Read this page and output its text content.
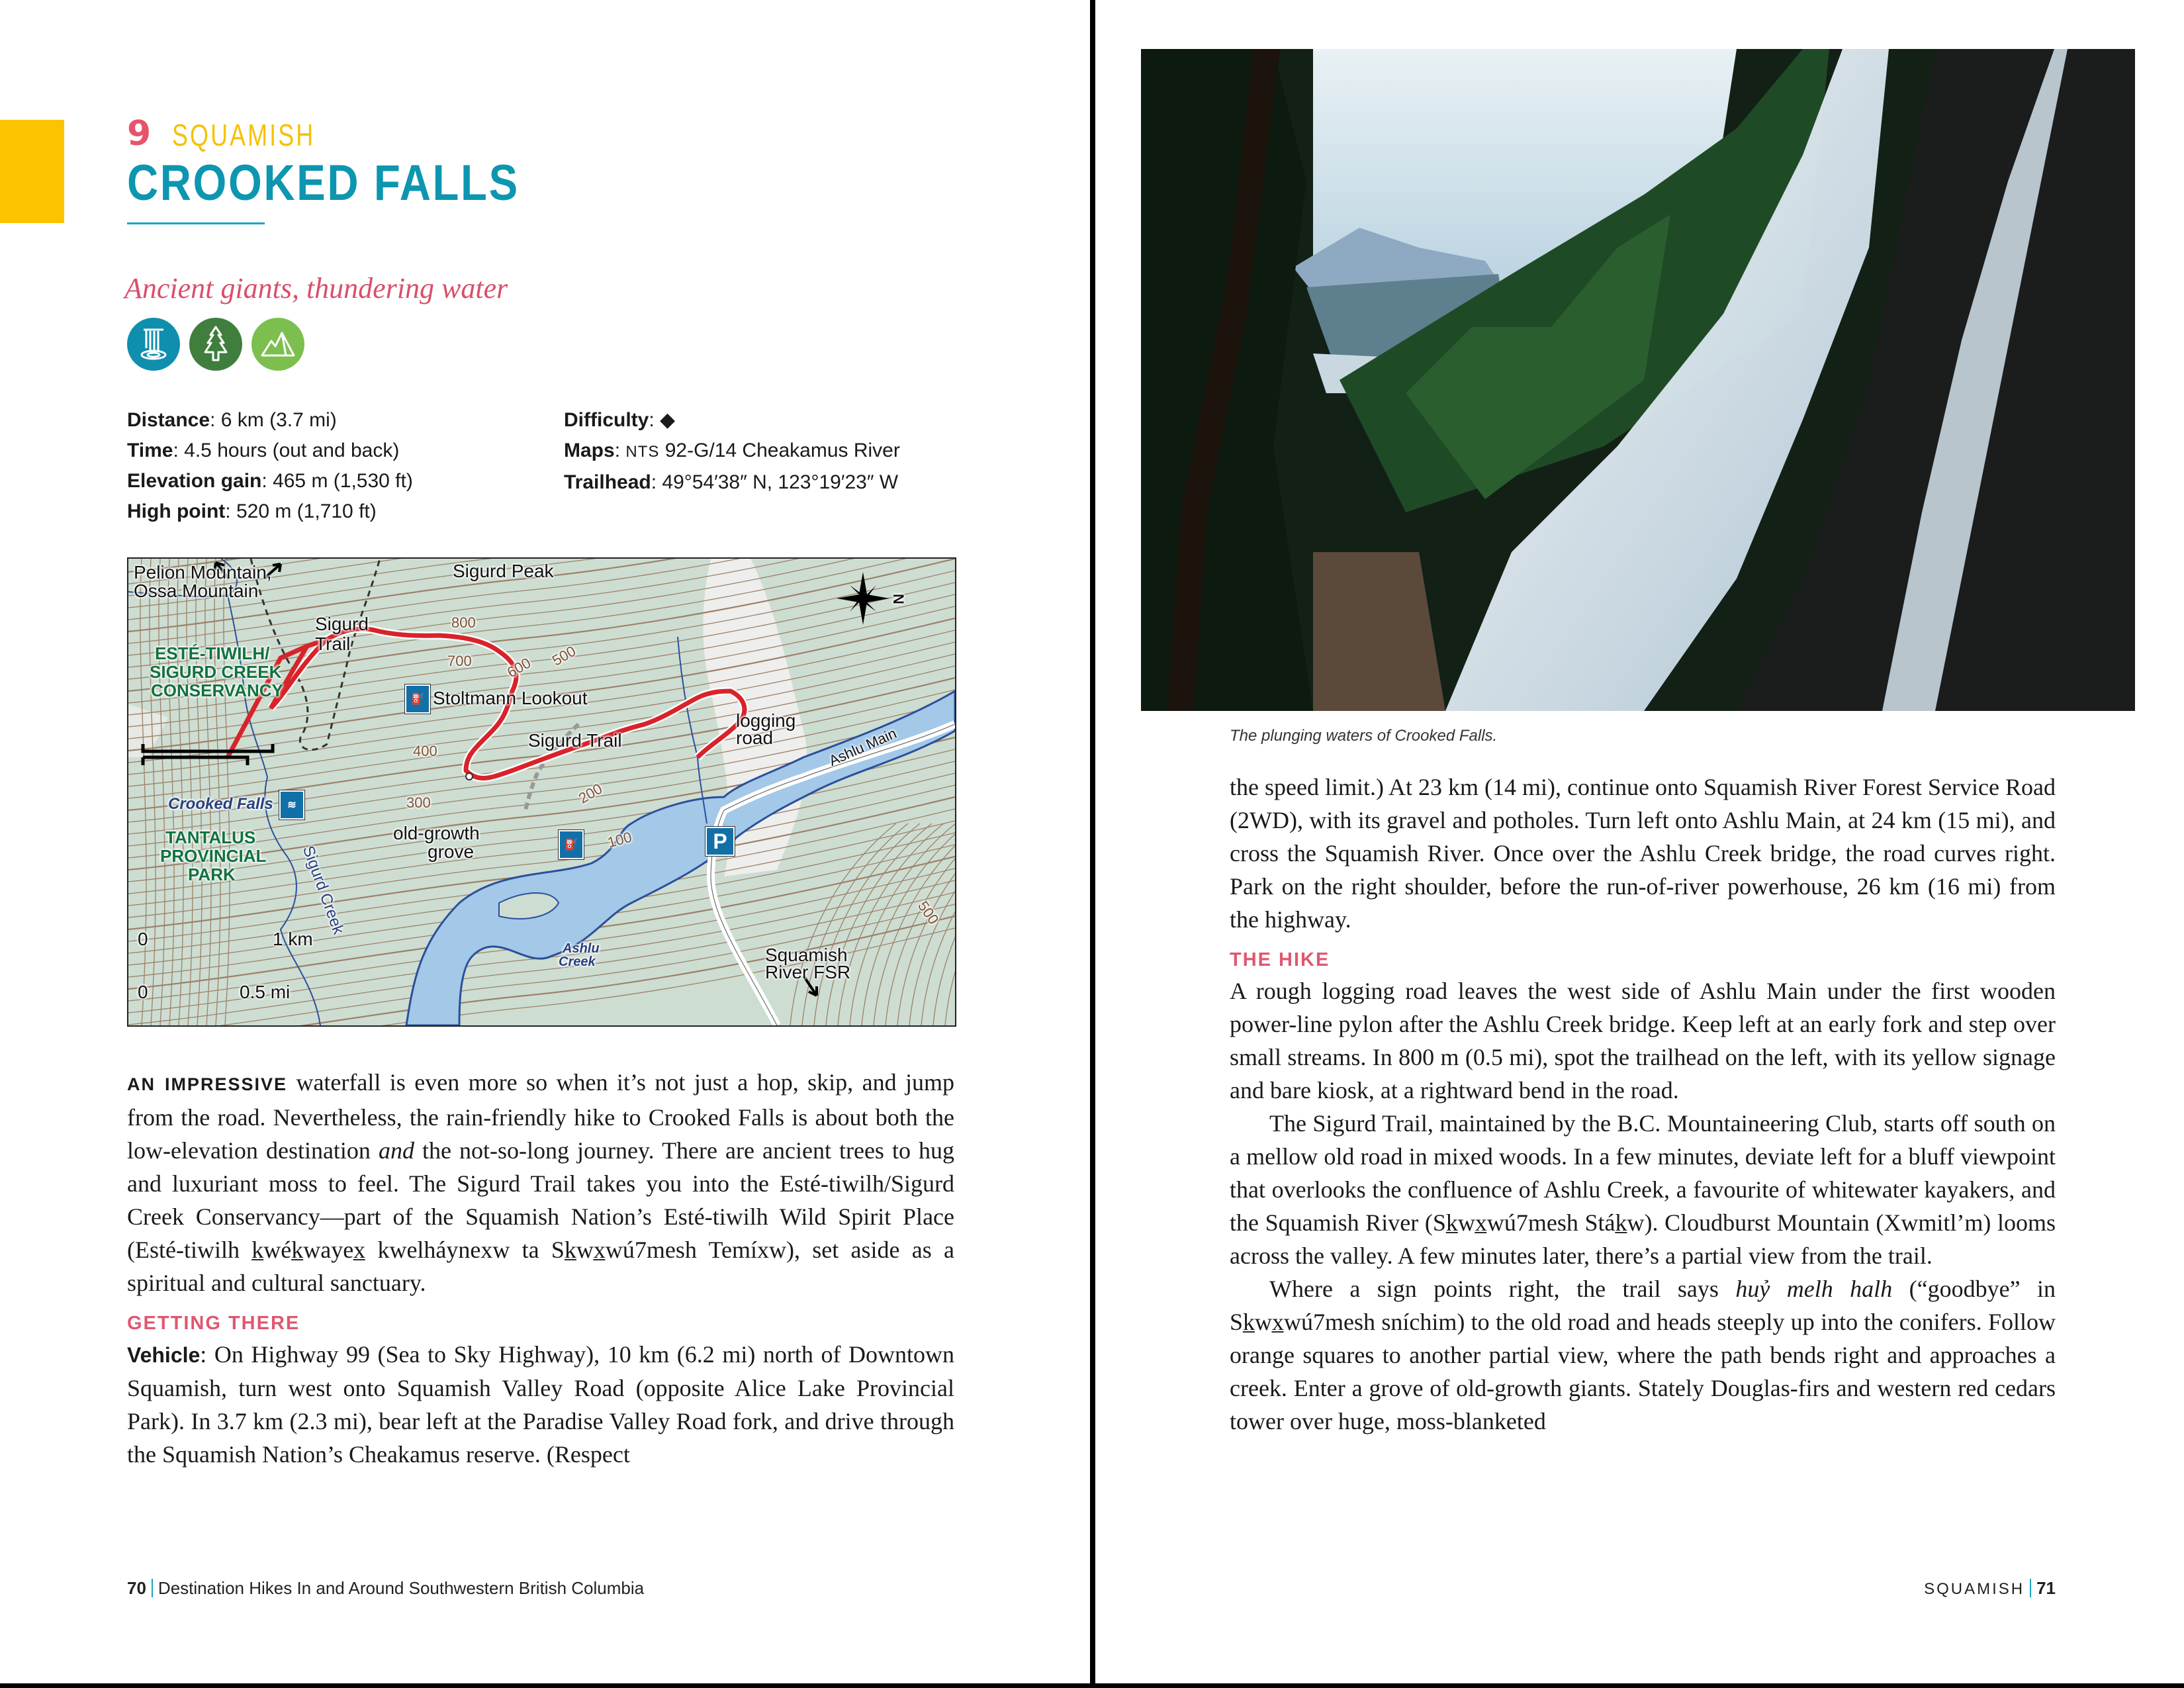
9 SQUAMISH
CROOKED FALLS
Ancient giants, thundering water
Distance: 6 km (3.7 mi)
Time: 4.5 hours (out and back)
Elevation gain: 465 m (1,530 ft)
High point: 520 m (1,710 ft)
Difficulty: ◆
Maps: NTS 92-G/14 Cheakamus River
Trailhead: 49°54′38″ N, 123°19′23″ W
Pelion Mountain,
Ossa Mountain
Sigurd Peak
Sigurd
Trail
ESTÉ-TIWILH/
SIGURD CREEK
CONSERVANCY	⛽ Stoltmann Lookout
Sigurd Trail
logging
road	Ashlu Main
Crooked Falls	≋
TANTALUS
PROVINCIAL
PARK	Sigurd Creek
old-growth
grove	⛽	P
Ashlu
Creek	Squamish
River FSR
N
800
700 600 500
400
300	200
100
500
0	1 km
0	0.5 mi

AN IMPRESSIVE waterfall is even more so when it’s not just a hop, skip, and jump from the road. Nevertheless, the rain-friendly hike to Crooked Falls is about both the low-elevation destination and the not-so-long journey. There are ancient trees to hug and luxuriant moss to feel. The Sigurd Trail takes you into the Esté-tiwilh/Sigurd Creek Conservancy—part of the Squamish Nation’s Esté-tiwilh Wild Spirit Place (Esté-tiwilh k̲wék̲wayex̲ kwelháynexw ta Sk̲wx̲wú7mesh Temíxw), set aside as a spiritual and cultural sanctuary.

GETTING THERE

Vehicle: On Highway 99 (Sea to Sky Highway), 10 km (6.2 mi) north of Downtown Squamish, turn west onto Squamish Valley Road (opposite Alice Lake Provincial Park). In 3.7 km (2.3 mi), bear left at the Paradise Valley Road fork, and drive through the Squamish Nation’s Cheakamus reserve. (Respect

70 Destination Hikes In and Around Southwestern British Columbia
The plunging waters of Crooked Falls.

the speed limit.) At 23 km (14 mi), continue onto Squamish River Forest Service Road (2WD), with its gravel and potholes. Turn left onto Ashlu Main, at 24 km (15 mi), and cross the Squamish River. Once over the Ashlu Creek bridge, the road curves right. Park on the right shoulder, before the run-of-river powerhouse, 26 km (16 mi) from the highway.

THE HIKE

A rough logging road leaves the west side of Ashlu Main under the first wooden power-line pylon after the Ashlu Creek bridge. Keep left at an early fork and step over small streams. In 800 m (0.5 mi), spot the trailhead on the left, with its yellow signage and bare kiosk, at a rightward bend in the road.

The Sigurd Trail, maintained by the B.C. Mountaineering Club, starts off south on a mellow old road in mixed woods. In a few minutes, deviate left for a bluff viewpoint that overlooks the confluence of Ashlu Creek, a favourite of whitewater kayakers, and the Squamish River (Sk̲wx̲wú7mesh Sták̲w). Cloudburst Mountain (Xwmitl’m) looms across the valley. A few minutes later, there’s a partial view from the trail.

Where a sign points right, the trail says huỷ melh halh (“goodbye” in Sk̲wx̲wú7mesh sníchim) to the old road and heads steeply up into the conifers. Follow orange squares to another partial view, where the path bends right and approaches a creek. Enter a grove of old-growth giants. Stately Douglas-firs and western red cedars tower over huge, moss-blanketed

SQUAMISH 71
